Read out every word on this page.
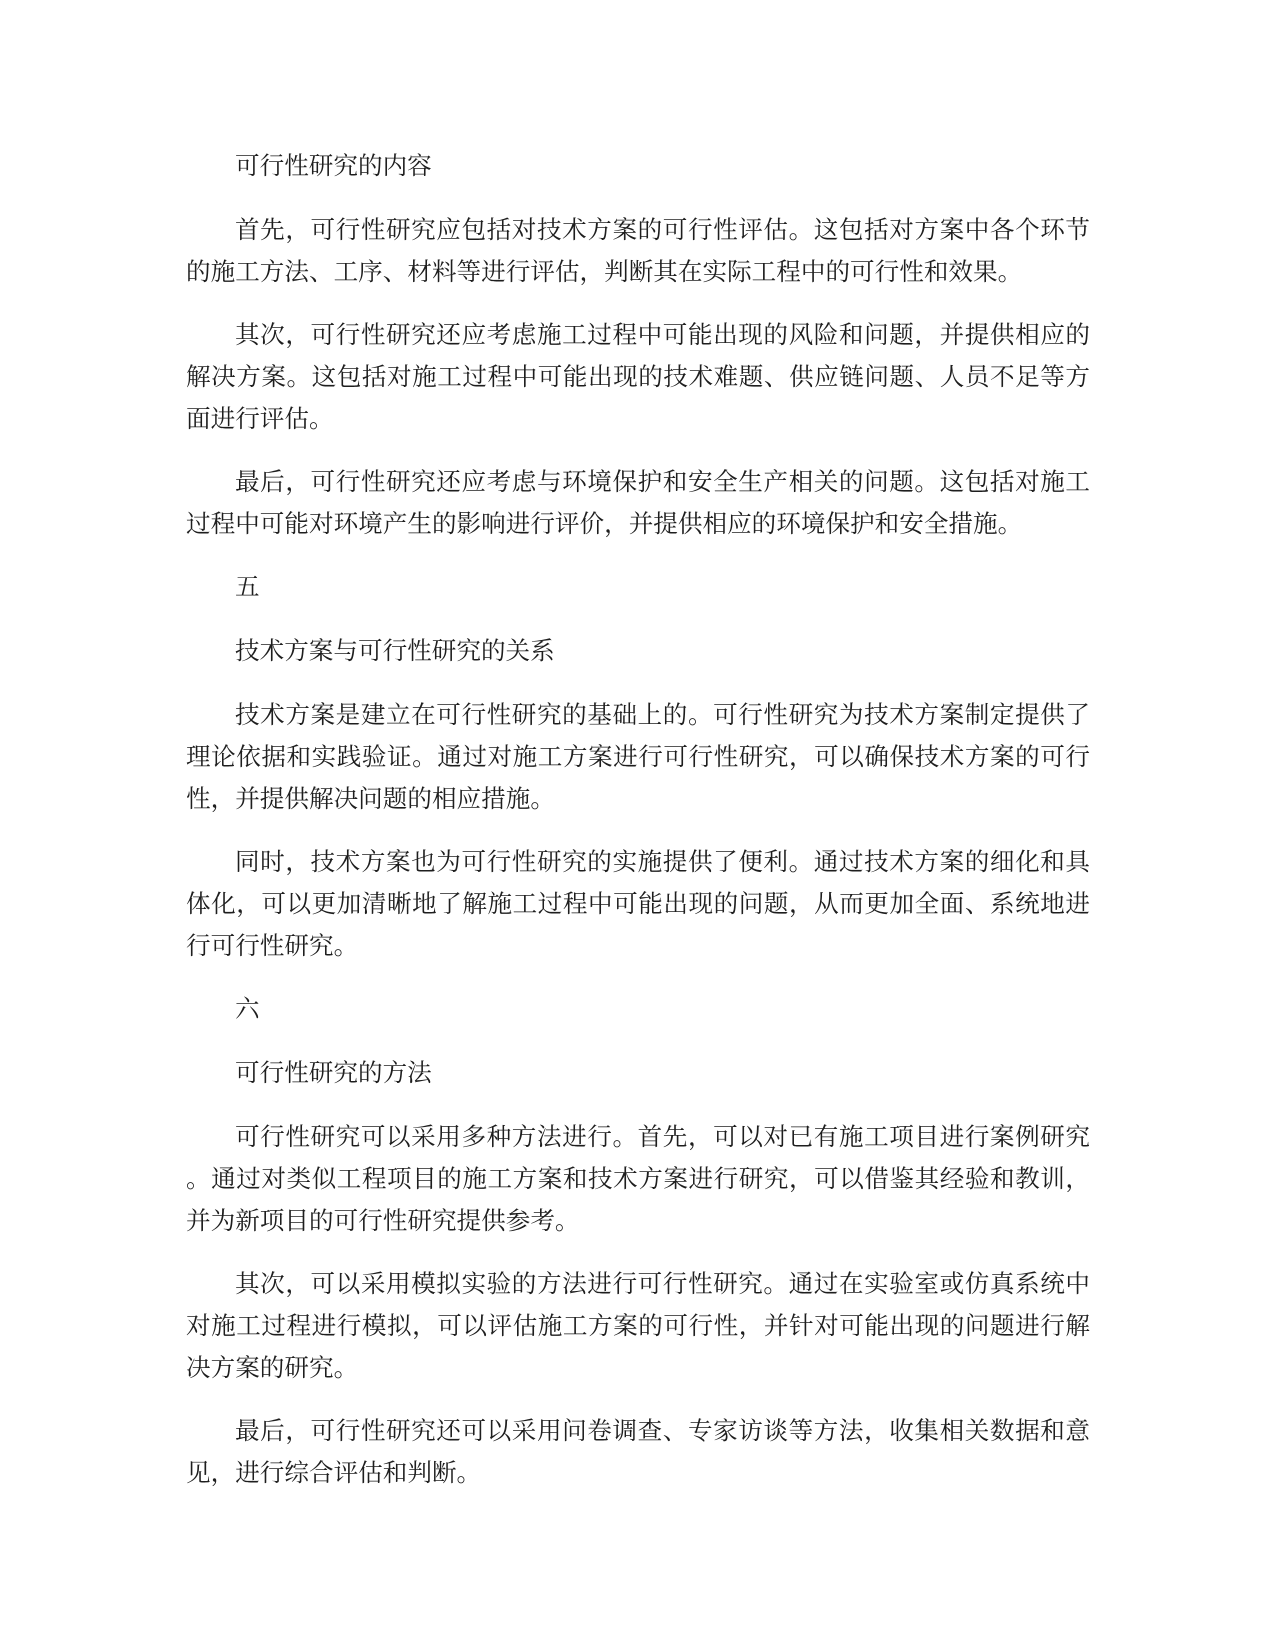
可行性研究的内容

首先，可行性研究应包括对技术方案的可行性评估。这包括对方案中各个环节的施工方法、工序、材料等进行评估，判断其在实际工程中的可行性和效果。

其次，可行性研究还应考虑施工过程中可能出现的风险和问题，并提供相应的解决方案。这包括对施工过程中可能出现的技术难题、供应链问题、人员不足等方面进行评估。

最后，可行性研究还应考虑与环境保护和安全生产相关的问题。这包括对施工过程中可能对环境产生的影响进行评价，并提供相应的环境保护和安全措施。

五

技术方案与可行性研究的关系

技术方案是建立在可行性研究的基础上的。可行性研究为技术方案制定提供了理论依据和实践验证。通过对施工方案进行可行性研究，可以确保技术方案的可行性，并提供解决问题的相应措施。

同时，技术方案也为可行性研究的实施提供了便利。通过技术方案的细化和具体化，可以更加清晰地了解施工过程中可能出现的问题，从而更加全面、系统地进行可行性研究。

六

可行性研究的方法

可行性研究可以采用多种方法进行。首先，可以对已有施工项目进行案例研究。通过对类似工程项目的施工方案和技术方案进行研究，可以借鉴其经验和教训，并为新项目的可行性研究提供参考。

其次，可以采用模拟实验的方法进行可行性研究。通过在实验室或仿真系统中对施工过程进行模拟，可以评估施工方案的可行性，并针对可能出现的问题进行解决方案的研究。

最后，可行性研究还可以采用问卷调查、专家访谈等方法，收集相关数据和意见，进行综合评估和判断。
